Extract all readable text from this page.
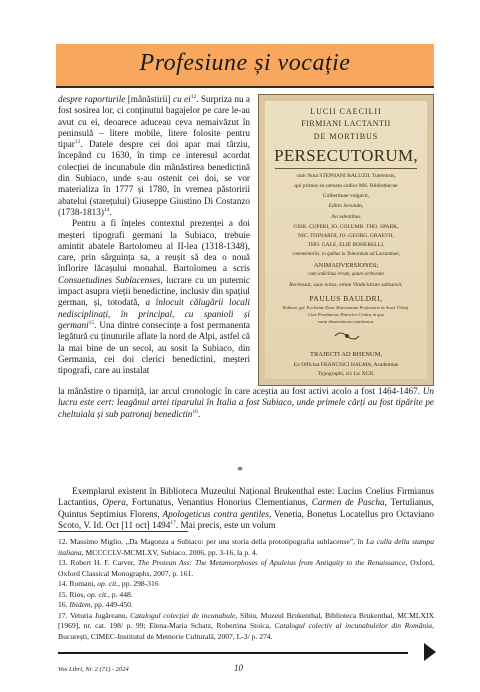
Profesiune și vocație

despre raporturile [mânăstirii] cu $ei^{12}$. Surpriza nu a fost sosirea lor, ci conținutul bagajelor pe care le-au avut cu ei, deoarece aduceau ceva nemaivăzut în peninsulă – litere mobile, litere folosite pentru tipar$^{13}$. Datele despre cei doi apar mai târziu, începând cu 1630, în timp ce interesul acordat colecției de incunabule din mânăstirea benedictină din Subiaco, unde s-au ostenit cei doi, se vor materializa în 1777 și 1780, în vremea păstoririi abatelui (starețului) Giuseppe Giustino Di Costanzo (1738-1813)$^{14}$.

Pentru a fi înțeles contextul prezenței a doi meșteri tipografi germani la Subiaco, trebuie amintit abatele Bartolomeu al II-lea (1318-1348), care, prin sârguința sa, a reușit să dea o nouă înflorire lăcașului monahal. Bartolomeu a scris Consuetudines Sublacenses, lucrare cu un puternic impact asupra vieții benedictine, inclusiv din spațiul german, și, totodată, a înlocuit călugării locali nedisciplinați, în principal, cu spanioli și germani$^{15}$. Una dintre consecințe a fost permanenta legătură cu ținuturile aflate la nord de Alpi, astfel că la mai bine de un secol, au sosit la Subiaco, din Germania, cei doi clerici benedictini, meșteri tipografi, care au instalat

LUCII CAECILII
FIRMIANI LACTANTII
DE MORTIBUS
PERSECUTORUM,
cum Nota STEPHANI BALUZII, Tutelensis,
qui primus eo uetusto codice MS. Bibliothecae
Colbertinae vulgavit,
Editio Secunda,
Accedentibus
GISB. CUPERI, JO. COLUMB. THO. SPARK,
NIC. TOINARDI, JO. GEORG. GRAEVII,
THO. GALE, ELIE BOHERELLI,
commentariis, in quibus la Toinardum ad Lactantium,
ANIMADVERSIONES;
cum indicibus rerum, quum verborum
Recensuit, suas notas, etiam Vindiciarum subiunxit,
PAULUS BAULDRI,
Rothom. pyl. Ecclesiae Dom. Historiarum Professoris in Acad. Ultraj.
Cum Praefatione Historico-Critica in qua
varia dissertatione continentur.
TRAJECTI AD RHENUM,
Ex Officina FRANCISCI HALMA, Academiae
Typographi, clɔ Iɔc XCII.

la mânăstire o tiparniță, iar arcul cronologic în care aceștia au fost activi acolo a fost 1464-1467. Un lucru este cert: leagănul artei tiparului în Italia a fost Subiaco, unde primele cărți au fost tipărite pe cheltuiala și sub patronaj benedictin$^{16}$.

*

Exemplarul existent în Biblioteca Muzeului Național Brukenthal este: Lucius Coelius Firmianus Lactantius, Opera, Fortunatus, Venantius Honorius Clementianus, Carmen de Pascha, Tertulianus, Quintus Septimius Florens, Apologeticus contra gentiles, Venetia, Bonetus Locatellus pro Octaviano Scoto, V. Id. Oct [11 oct] 1494$^{17}$. Mai precis, este un volum

12. Massimo Miglio, „Da Magonza a Subiaco: per una storia della prototipografia sublacense”, în La culla della stampa italiana, MCCCCLV-MCMLXV, Subiaco, 2006, pp. 3-16, la p. 4.

13. Robert H. F. Carver, The Protean Ass: The Metamorphoses of Apuleius from Antiquity to the Renaissance, Oxford, Oxford Classical Monographs, 2007, p. 161.

14. Romani, op. cit., pp. 298-316

15. Rios, op. cit., p. 448.

16. Ibidem, pp. 449-450.

17. Veturia Jugăreanu, Catalogul colecției de incunabule, Sibiu, Muzeul Brukenthal, Biblioteca Brukenthal, MCMLXIX [1969], nr. cat. 198/ p. 99; Elena-Maria Schatz, Robertina Stoica, Catalogul colectiv al incunabulelor din România, București, CIMEC-Institutul de Memorie Culturală, 2007, L-3/ p. 274.

Vox Libri, Nr. 2 (71) - 2024	10
